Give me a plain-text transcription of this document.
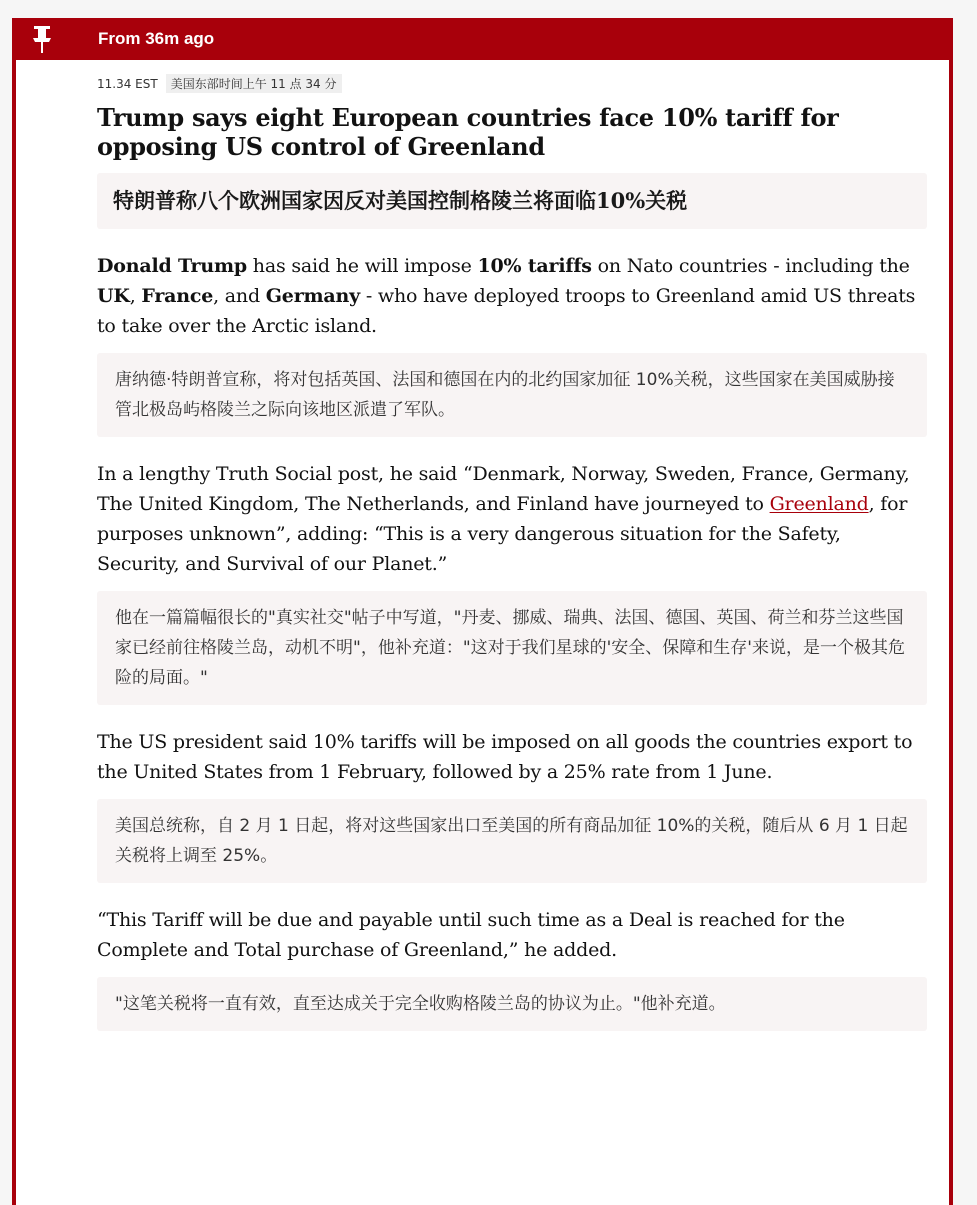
From 36m ago
11.34 EST	美国东部时间上午 11 点 34 分
Trump says eight European countries face 10% tariff for opposing US control of Greenland
特朗普称八个欧洲国家因反对美国控制格陵兰将面临10%关税

Donald Trump has said he will impose 10% tariffs on Nato countries - including the UK, France, and Germany - who have deployed troops to Greenland amid US threats to take over the Arctic island.

唐纳德·特朗普宣称，将对包括英国、法国和德国在内的北约国家加征 10%关税，这些国家在美国威胁接管北极岛屿格陵兰之际向该地区派遣了军队。

In a lengthy Truth Social post, he said “Denmark, Norway, Sweden, France, Germany, The United Kingdom, The Netherlands, and Finland have journeyed to Greenland, for purposes unknown”, adding: “This is a very dangerous situation for the Safety, Security, and Survival of our Planet.”

他在一篇篇幅很长的"真实社交"帖子中写道，"丹麦、挪威、瑞典、法国、德国、英国、荷兰和芬兰这些国家已经前往格陵兰岛，动机不明"，他补充道："这对于我们星球的'安全、保障和生存'来说，是一个极其危险的局面。"

The US president said 10% tariffs will be imposed on all goods the countries export to the United States from 1 February, followed by a 25% rate from 1 June.

美国总统称，自 2 月 1 日起，将对这些国家出口至美国的所有商品加征 10%的关税，随后从 6 月 1 日起关税将上调至 25%。

“This Tariff will be due and payable until such time as a Deal is reached for the Complete and Total purchase of Greenland,” he added.

"这笔关税将一直有效，直至达成关于完全收购格陵兰岛的协议为止。"他补充道。
